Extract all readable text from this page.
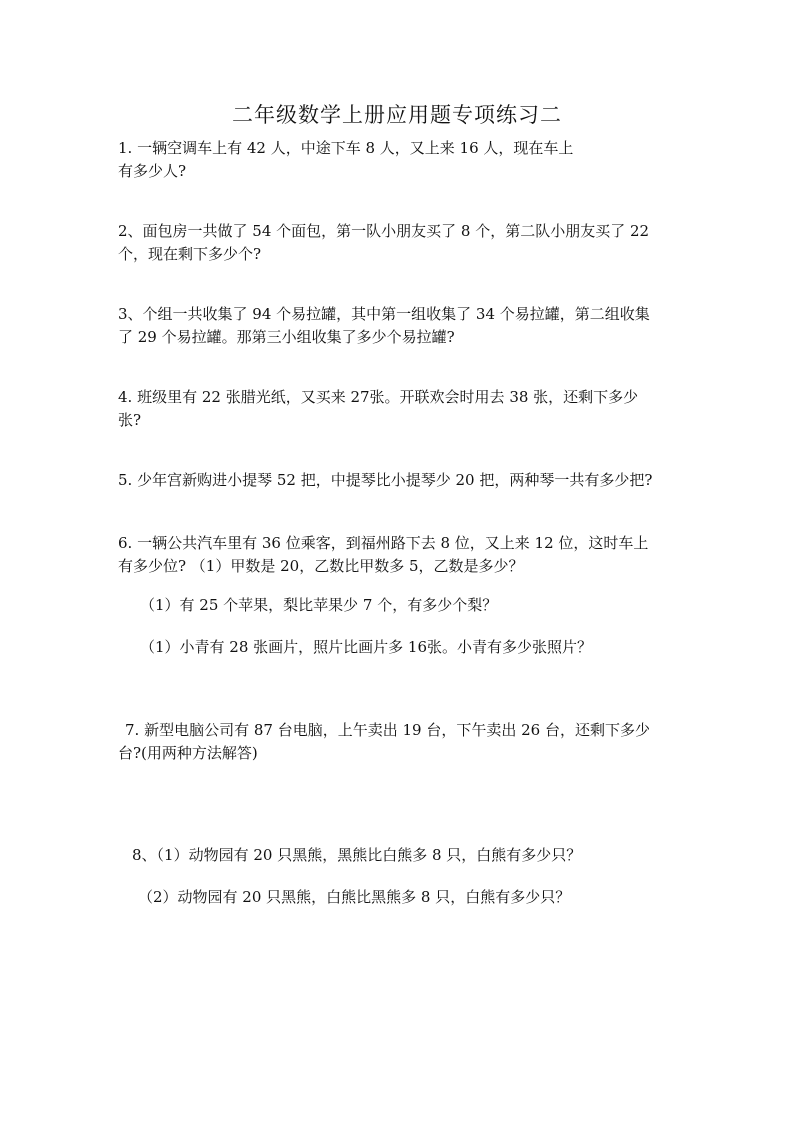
二年级数学上册应用题专项练习二

1. 一辆空调车上有 42 人，中途下车 8 人，又上来 16 人，现在车上
有多少人?

2、面包房一共做了 54 个面包，第一队小朋友买了 8 个，第二队小朋友买了 22
个，现在剩下多少个?

3、个组一共收集了 94 个易拉罐，其中第一组收集了 34 个易拉罐，第二组收集
了 29 个易拉罐。那第三小组收集了多少个易拉罐?

4. 班级里有 22 张腊光纸，又买来 27张。开联欢会时用去 38 张，还剩下多少
张?

5. 少年宫新购进小提琴 52 把，中提琴比小提琴少 20 把，两种琴一共有多少把?

6. 一辆公共汽车里有 36 位乘客，到福州路下去 8 位，又上来 12 位，这时车上
有多少位? （1）甲数是 20，乙数比甲数多 5，乙数是多少？

（1）有 25 个苹果，梨比苹果少 7 个，有多少个梨？

（1）小青有 28 张画片，照片比画片多 16张。小青有多少张照片？

7. 新型电脑公司有 87 台电脑，上午卖出 19 台，下午卖出 26 台，还剩下多少
台?(用两种方法解答)

8、（1）动物园有 20 只黑熊，黑熊比白熊多 8 只，白熊有多少只？

（2）动物园有 20 只黑熊，白熊比黑熊多 8 只，白熊有多少只？
